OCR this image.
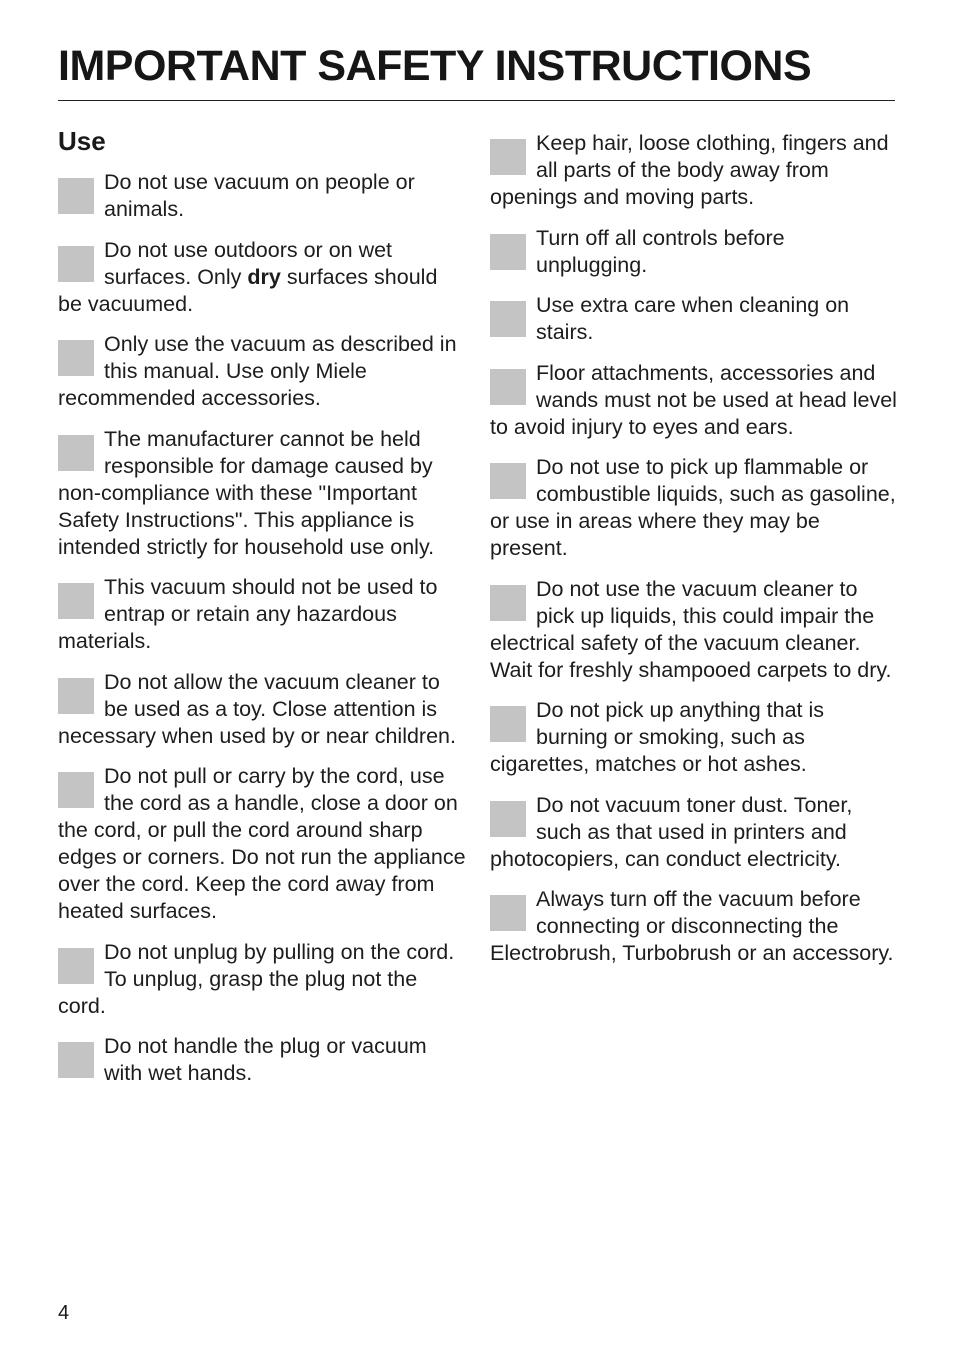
IMPORTANT SAFETY INSTRUCTIONS
Use
Do not use vacuum on people or animals.
Do not use outdoors or on wet surfaces. Only dry surfaces should be vacuumed.
Only use the vacuum as described in this manual. Use only Miele recommended accessories.
The manufacturer cannot be held responsible for damage caused by non-compliance with these "Important Safety Instructions". This appliance is intended strictly for household use only.
This vacuum should not be used to entrap or retain any hazardous materials.
Do not allow the vacuum cleaner to be used as a toy. Close attention is necessary when used by or near children.
Do not pull or carry by the cord, use the cord as a handle, close a door on the cord, or pull the cord around sharp edges or corners. Do not run the appliance over the cord. Keep the cord away from heated surfaces.
Do not unplug by pulling on the cord. To unplug, grasp the plug not the cord.
Do not handle the plug or vacuum with wet hands.
Keep hair, loose clothing, fingers and all parts of the body away from openings and moving parts.
Turn off all controls before unplugging.
Use extra care when cleaning on stairs.
Floor attachments, accessories and wands must not be used at head level to avoid injury to eyes and ears.
Do not use to pick up flammable or combustible liquids, such as gasoline, or use in areas where they may be present.
Do not use the vacuum cleaner to pick up liquids, this could impair the electrical safety of the vacuum cleaner. Wait for freshly shampooed carpets to dry.
Do not pick up anything that is burning or smoking, such as cigarettes, matches or hot ashes.
Do not vacuum toner dust. Toner, such as that used in printers and photocopiers, can conduct electricity.
Always turn off the vacuum before connecting or disconnecting the Electrobrush, Turbobrush or an accessory.
4
